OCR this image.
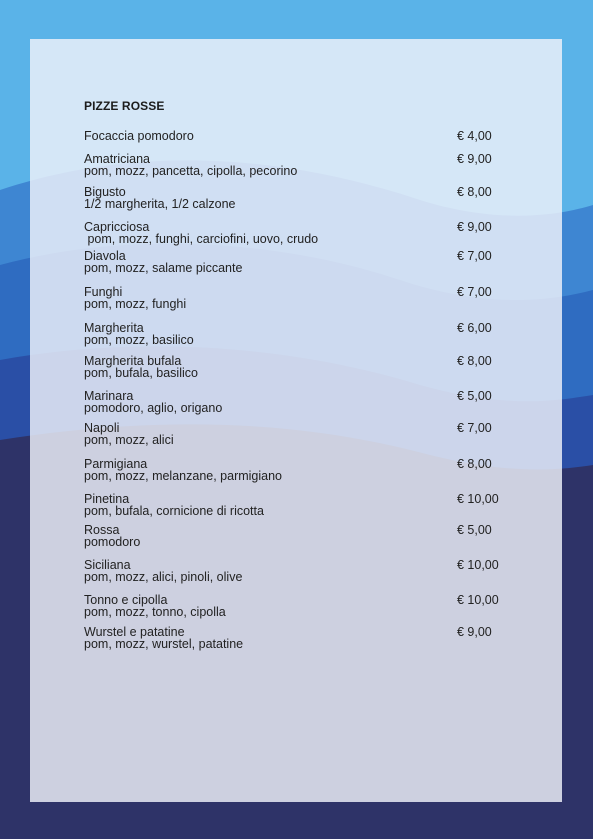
PIZZE ROSSE
Focaccia pomodoro	€ 4,00
Amatriciana
pom, mozz, pancetta, cipolla, pecorino
€ 9,00
Bigusto
1/2 margherita, 1/2 calzone
€ 8,00
Capricciosa
pom, mozz, funghi, carciofini, uovo, crudo
€ 9,00
Diavola
pom, mozz, salame piccante
€ 7,00
Funghi
pom, mozz, funghi
€ 7,00
Margherita
pom, mozz, basilico
€ 6,00
Margherita bufala
pom, bufala, basilico
€ 8,00
Marinara
pomodoro, aglio, origano
€ 5,00
Napoli
pom, mozz, alici
€ 7,00
Parmigiana
pom, mozz, melanzane, parmigiano
€ 8,00
Pinetina
pom, bufala, cornicione di ricotta
€ 10,00
Rossa
pomodoro
€ 5,00
Siciliana
pom, mozz, alici, pinoli, olive
€ 10,00
Tonno e cipolla
pom, mozz, tonno, cipolla
€ 10,00
Wurstel e patatine
pom, mozz, wurstel, patatine
€ 9,00
